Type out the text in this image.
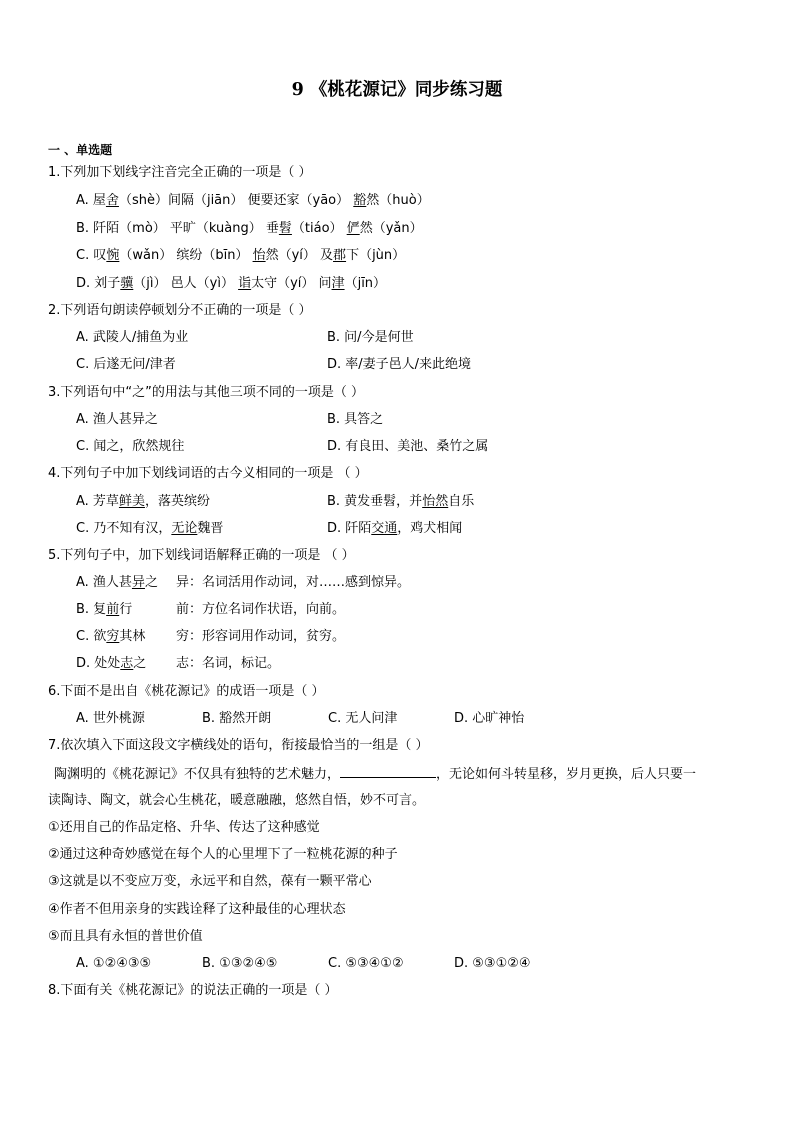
9 《桃花源记》同步练习题
一 、单选题
1.下列加下划线字注音完全正确的一项是（ ）
A. 屋舍（shè）间隔（jiān） 便要还家（yāo） 豁然（huò）
B. 阡陌（mò） 平旷（kuàng） 垂髫（tiáo） 俨然（yǎn）
C. 叹惋（wǎn） 缤纷（bīn） 怡然（yí） 及郡下（jùn）
D. 刘子骥（jì） 邑人（yì） 诣太守（yí） 问津（jīn）
2.下列语句朗读停顿划分不正确的一项是（ ）
A. 武陵人/捕鱼为业	B. 问/今是何世
C. 后遂无问/津者	D. 率/妻子邑人/来此绝境
3.下列语句中“之”的用法与其他三项不同的一项是（ ）
A. 渔人甚异之	B. 具答之
C. 闻之，欣然规往	D. 有良田、美池、桑竹之属
4.下列句子中加下划线词语的古今义相同的一项是 （ ）
A. 芳草鲜美，落英缤纷	B. 黄发垂髫，并怡然自乐
C. 乃不知有汉，无论魏晋	D. 阡陌交通，鸡犬相闻
5.下列句子中，加下划线词语解释正确的一项是 （ ）
A. 渔人甚异之 异：名词活用作动词，对……感到惊异。
B. 复前行	前：方位名词作状语，向前。
C. 欲穷其林 穷：形容词用作动词，贫穷。
D. 处处志之 志：名词，标记。
6.下面不是出自《桃花源记》的成语一项是（ ）
A. 世外桃源	B. 豁然开朗	C. 无人问津	D. 心旷神怡
7.依次填入下面这段文字横线处的语句，衔接最恰当的一组是（ ）
陶渊明的《桃花源记》不仅具有独特的艺术魅力，	，无论如何斗转星移，岁月更换，后人只要一
读陶诗、陶文，就会心生桃花，暖意融融，悠然自悟，妙不可言。
①还用自己的作品定格、升华、传达了这种感觉
②通过这种奇妙感觉在每个人的心里埋下了一粒桃花源的种子
③这就是以不变应万变，永远平和自然，葆有一颗平常心
④作者不但用亲身的实践诠释了这种最佳的心理状态
⑤而且具有永恒的普世价值
A. ①②④③⑤	B. ①③②④⑤	C. ⑤③④①②	D. ⑤③①②④
8.下面有关《桃花源记》的说法正确的一项是（ ）
